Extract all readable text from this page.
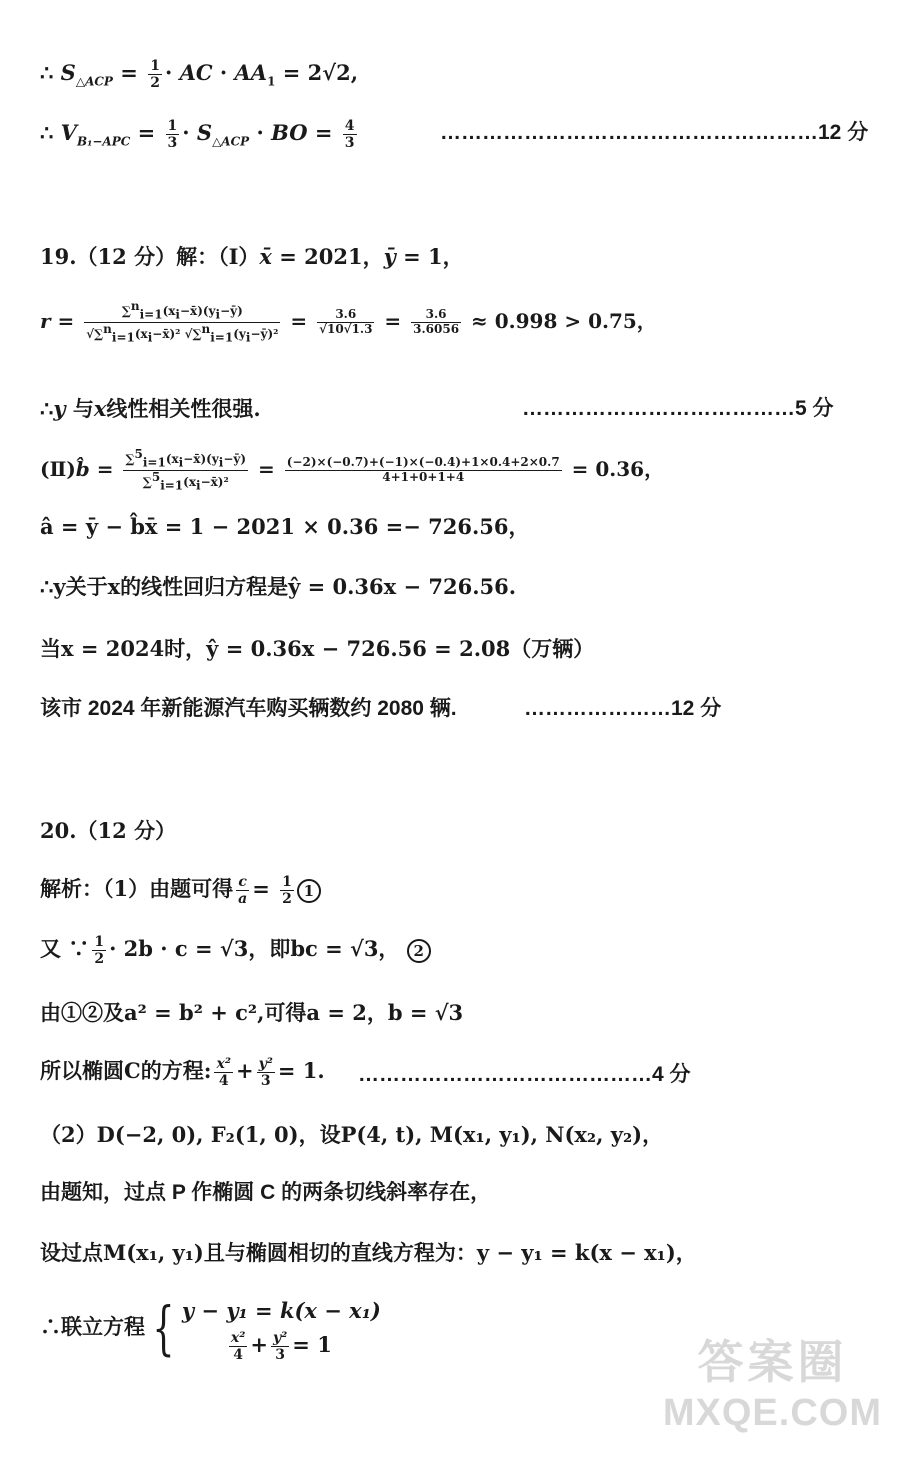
∴ $S_{\triangle ACP} = \frac{1}{2}$ · AC · $AA_1 = 2√2$,
∴ $V_{B_1-APC} = \frac{1}{3} \cdot S_{\triangle ACP}$ · BO = $\frac{4}{3}$	………………………………………………12 分
19.（12 分）解：（Ⅰ）x̄ = 2021，ȳ = 1，
$r = \frac{\sum^n_{i=1}(x_i-x̄)(y_i-ȳ)}{√\sum^n_{i=1}(x_i-x̄)^2 √\sum^n_{i=1}(y_i-ȳ)^2} = \frac{3.6}{√10√1.3} = \frac{3.6}{3.6056} \approx 0.998 > 0.75$，
∴y 与x线性相关性很强.	…………………………………5 分
(Ⅱ)b̂ = $\frac{\sum^5_{i=1}(x_i-x̄)(y_i-ȳ)}{\sum^5_{i=1}(x_i-x̄)^2} = \frac{(-2)\times(-0.7)+(-1)\times(-0.4)+1\times 0.4+2\times 0.7}{4+1+0+1+4} = 0.36$，
â = ȳ − b̂x̄ = 1 − 2021 × 0.36 =− 726.56，
∴y关于x的线性回归方程是ŷ = 0.36x − 726.56.
当x = 2024时，ŷ = 0.36x − 726.56 = 2.08（万辆）
该市 2024 年新能源汽车购买辆数约 2080 辆.	…………………12 分
20.（12 分）
解析：（1）由题可得 $\frac{c}{a} = \frac{1}{2} 1$
又 ∵ $\frac{1}{2} \cdot 2b \cdot c = √3$，即bc = √3， 2
由①②及a² = b² + c²,可得a = 2，b = √3
所以椭圆C的方程: $\frac{\text{x²}}{4} + \frac{\text{y²}}{3} = 1$. ……………………………………4 分
（2）D(−2, 0), F₂(1, 0)，设P(4, t), M(x₁, y₁), N(x₂, y₂)，
由题知，过点 P 作椭圆 C 的两条切线斜率存在，
设过点M(x₁, y₁)且与椭圆相切的直线方程为：y − y₁ = k(x − x₁)，
∴联立方程 { y − y₁ = k(x − x₁)
$\frac{\text{x²}}{4} + \frac{\text{y²}}{3} = 1$	答案圈
MXQE.COM
